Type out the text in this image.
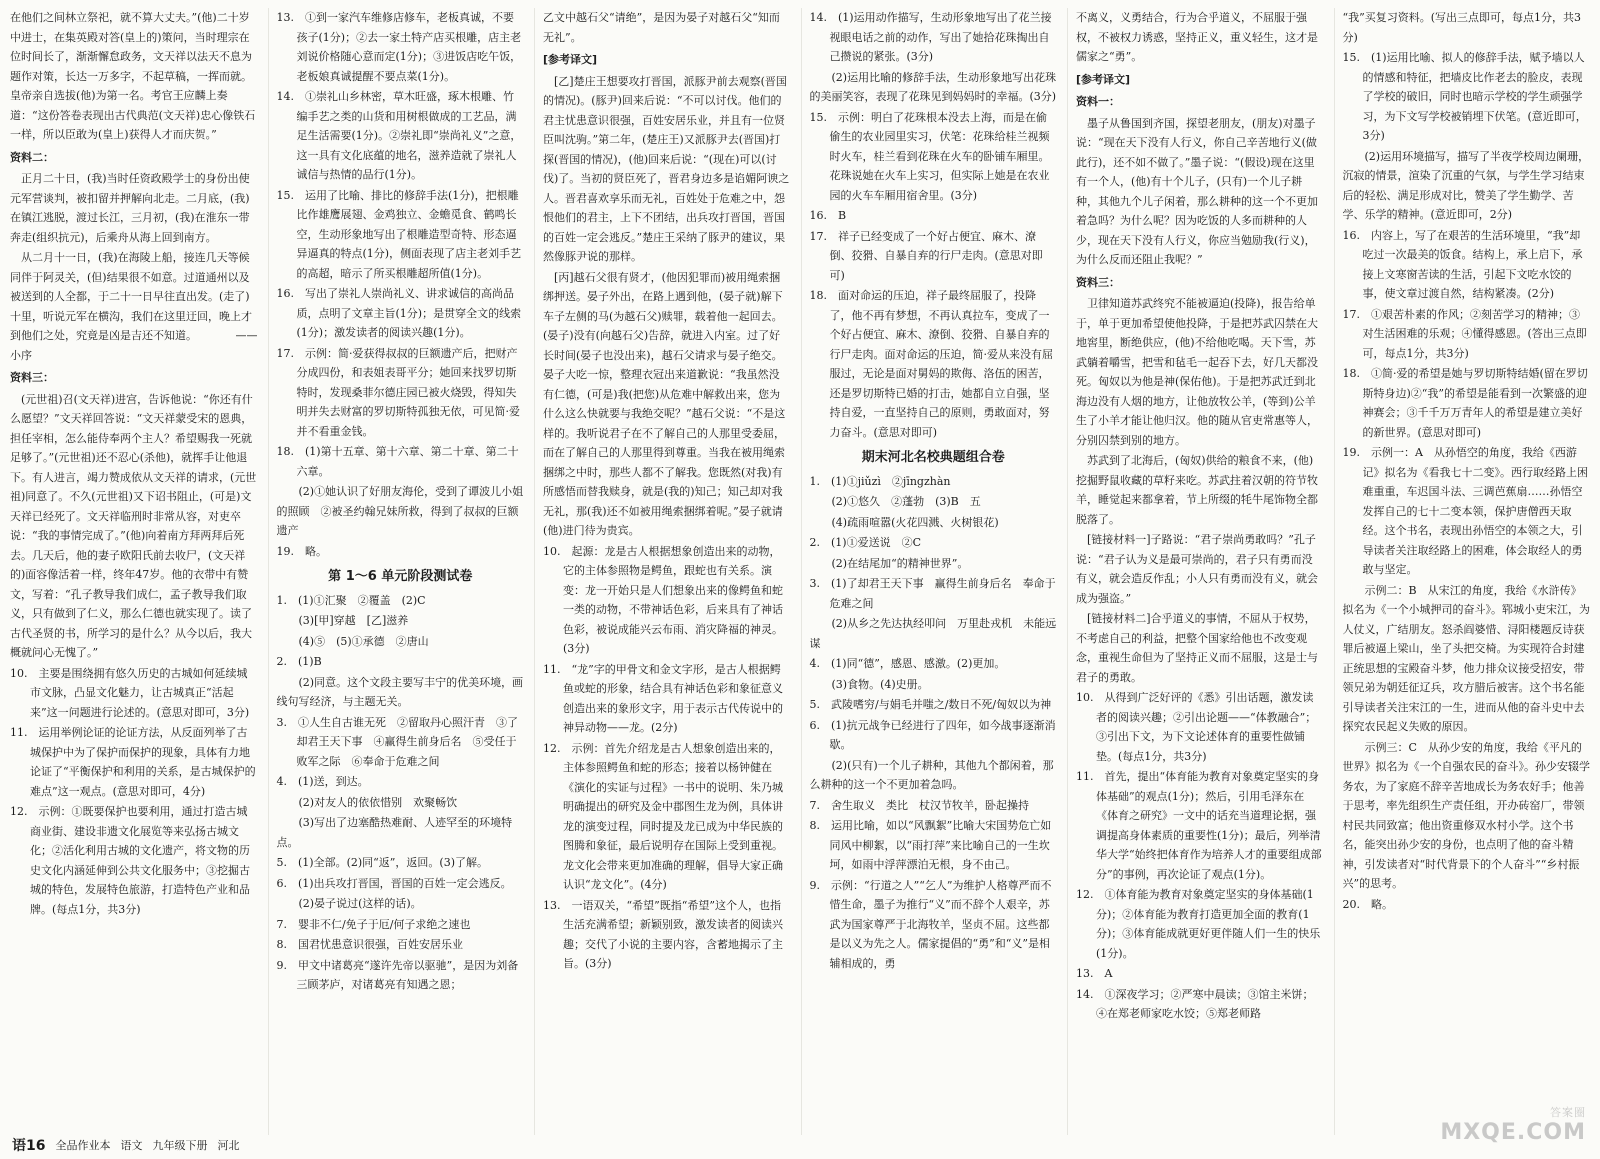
在他们之间林立祭祀，就不算大丈夫。”(他)二十岁中进士，在集英殿对答(皇上的)策问，当时理宗在位时间长了，渐渐懈怠政务，文天祥以法天不息为题作对策，长达一万多字，不起草稿，一挥而就。皇帝亲自选拔(他)为第一名。考官王应麟上奏道：“这份答卷表现出古代典范(文天祥)忠心像铁石一样，所以臣敢为(皇上)获得人才而庆贺。”
资料二：
　正月二十日，(我)当时任资政殿学士的身份出使元军营谈判，被扣留并押解向北走。二月底，(我)在镇江逃脱，渡过长江，三月初，(我)在淮东一带奔走(组织抗元)，后乘舟从海上回到南方。
　从二月十一日，(我)在海陵上船，接连几天等候同伴于阿灵关，(但)结果很不如意。过道通州以及被送到的人全都，于二十一日早往直出发。(走了)十里，听说元军在横沟，我们在这里迂回，晚上才到他们之处，究竟是凶是吉还不知道。　　　　——小序
资料三：
　(元世祖)召(文天祥)进宫，告诉他说：“你还有什么愿望？”文天祥回答说：“文天祥蒙受宋的恩典，担任宰相，怎么能侍奉两个主人？希望赐我一死就足够了。”(元世祖)还不忍心(杀他)，就挥手让他退下。有人进言，竭力赞成依从文天祥的请求，(元世祖)同意了。不久(元世祖)又下诏书阻止，(可是)文天祥已经死了。文天祥临刑时非常从容，对吏卒说：“我的事情完成了。”(他)向着南方拜两拜后死去。几天后，他的妻子欧阳氏前去收尸，(文天祥的)面容像活着一样，终年47岁。他的衣带中有赞文，写着：“孔子教导我们成仁，孟子教导我们取义，只有做到了仁义，那么仁德也就实现了。读了古代圣贤的书，所学习的是什么？从今以后，我大概就问心无愧了。”
10.　主要是围绕拥有悠久历史的古城如何延续城市文脉，凸显文化魅力，让古城真正“活起来”这一问题进行论述的。(意思对即可，3分)
11.　运用举例论证的论证方法，从反面列举了古城保护中为了保护而保护的现象，具体有力地论证了“平衡保护和利用的关系，是古城保护的难点”这一观点。(意思对即可，4分)
12.　示例：①既要保护也要利用，通过打造古城商业街、建设非遗文化展览等来弘扬古城文化；②活化利用古城的文化遗产，将文物的历史文化内涵延伸到公共文化服务中；③挖掘古城的特色，发展特色旅游，打造特色产业和品牌。(每点1分，共3分)
13.　①到一家汽车维修店修车，老板真诚，不要孩子(1分)；②去一家土特产店买根雕，店主老刘说价格随心意而定(1分)；③进饭店吃午饭，老板娘真诚提醒不要点菜(1分)。
14.　①崇礼山乡林密，草木旺盛，琢木根雕、竹编手艺之类的山货和用树根做成的工艺品，满足生活需要(1分)。②崇礼即“崇尚礼义”之意，这一具有文化底蕴的地名，滋养造就了崇礼人诚信与热情的品行(1分)。
15.　运用了比喻、排比的修辞手法(1分)，把根雕比作雄鹰展翅、金鸡独立、金蟾觅食、鹤鸣长空，生动形象地写出了根雕造型奇特、形态逼异逼真的特点(1分)，侧面表现了店主老刘手艺的高超，暗示了所买根雕超所值(1分)。
16.　写出了崇礼人崇尚礼义、讲求诚信的高尚品质，点明了文章主旨(1分)；是贯穿全文的线索(1分)；激发读者的阅读兴趣(1分)。
17.　示例：简·爱获得叔叔的巨额遗产后，把财产分成四份，和表姐表哥平分；她回来找罗切斯特时，发现桑菲尔德庄园已被火烧毁，得知失明并失去财富的罗切斯特孤独无依，可见简·爱并不看重金钱。
18.　(1)第十五章、第十六章、第二十章、第二十六章。
　　(2)①她认识了好朋友海伦，受到了谭波儿小姐的照顾　②被圣约翰兄妹所救，得到了叔叔的巨额遗产
19.　略。
第 1～6 单元阶段测试卷
1.　(1)①汇聚　②覆盖　(2)C
　　(3)[甲]穿越　[乙]滋养
　　(4)⑤　(5)①承德　②唐山
2.　(1)B
　　(2)同意。这个文段主要写丰宁的优美环境，画线句写经济，与主题无关。
3.　①人生自古谁无死　②留取丹心照汗青　③了却君王天下事　④赢得生前身后名　⑤受任于败军之际　⑥奉命于危难之间
4.　(1)送，到达。
　　(2)对友人的依依惜别　欢聚畅饮
　　(3)写出了边塞酷热难耐、人迹罕至的环境特点。
5.　(1)全部。(2)同“返”，返回。(3)了解。
6.　(1)出兵攻打晋国，晋国的百姓一定会逃反。
　　(2)晏子说过(这样的话)。
7.　婴非不仁/免子于厄/何子求绝之速也
8.　国君忧患意识很强，百姓安居乐业
9.　甲文中诸葛亮“遂许先帝以驱驰”，是因为刘备三顾茅庐，对诸葛亮有知遇之恩；
乙文中越石父“请绝”，是因为晏子对越石父“知而无礼”。
[参考译文]
　[乙]楚庄王想要攻打晋国，派豚尹前去观察(晋国的情况)。(豚尹)回来后说：“不可以讨伐。他们的君主忧患意识很强，百姓安居乐业，并且有一位贤臣叫沈驹。”第二年，(楚庄王)又派豚尹去(晋国)打探(晋国的情况)，(他)回来后说：“(现在)可以(讨伐)了。当初的贤臣死了，晋君身边多是谄媚阿谀之人。晋君喜欢享乐而无礼，百姓处于危难之中，怨恨他们的君主，上下不团结，出兵攻打晋国，晋国的百姓一定会逃反。”楚庄王采纳了豚尹的建议，果然像豚尹说的那样。
　[丙]越石父很有贤才，(他因犯罪而)被用绳索捆绑押送。晏子外出，在路上遇到他，(晏子就)解下车子左侧的马(为越石父)赎罪，载着他一起回去。(晏子)没有(向越石父)告辞，就进入内室。过了好长时间(晏子也没出来)，越石父请求与晏子绝交。晏子大吃一惊，整理衣冠出来道歉说：“我虽然没有仁德，(可是)我(把您)从危难中解救出来，您为什么这么快就要与我绝交呢？”越石父说：“不是这样的。我听说君子在不了解自己的人那里受委屈，而在了解自己的人那里得到尊重。当我在被用绳索捆绑之中时，那些人都不了解我。您既然(对我)有所感悟而替我赎身，就是(我的)知己；知己却对我无礼，那(我)还不如被用绳索捆绑着呢。”晏子就请(他)进门待为贵宾。
10.　起源：龙是古人根据想象创造出来的动物，它的主体参照物是鳄鱼，跟蛇也有关系。演变：龙一开始只是人们想象出来的像鳄鱼和蛇一类的动物，不带神话色彩，后来具有了神话色彩，被说成能兴云布雨、消灾降福的神灵。(3分)
11.　“龙”字的甲骨文和金文字形，是古人根据鳄鱼或蛇的形象，结合具有神话色彩和象征意义创造出来的象形文字，用于表示古代传说中的神异动物——龙。(2分)
12.　示例：首先介绍龙是古人想象创造出来的，主体参照鳄鱼和蛇的形态；接着以杨钟健在《演化的实证与过程》一书中的说明、朱乃城明确提出的研究及金中郡图生龙为例，具体讲龙的演变过程，同时提及龙已成为中华民族的图腾和象征，最后说明存在国际上受到重视。龙文化会带来更加准确的理解，倡导大家正确认识“龙文化”。(4分)
13.　一语双关，“希望”既指“希望”这个人，也指生活充满希望；新颖别致，激发读者的阅读兴趣；交代了小说的主要内容，含蓄地揭示了主旨。(3分)
14.　(1)运用动作描写，生动形象地写出了花兰接视眼电话之前的动作，写出了她拾花珠掏出自己攒说的紧张。(3分)
　　(2)运用比喻的修辞手法，生动形象地写出花珠的美丽笑容，表现了花珠见到妈妈时的幸福。(3分)
15.　示例：明白了花珠根本没去上海，而是在偷偷生的农业园里实习，伏笔：花珠给桂兰视频时火车，桂兰看到花珠在火车的卧铺车厢里。花珠说她在火车上实习，但实际上她是在农业园的火车车厢用宿舍里。(3分)
16.　B
17.　祥子已经变成了一个好占便宜、麻木、潦倒、狡猾、自暴自弃的行尸走肉。(意思对即可)
18.　面对命运的压迫，祥子最终屈服了，投降了，他不再有梦想，不再认真拉车，变成了一个好占便宜、麻木、潦倒、狡猾、自暴自弃的行尸走肉。面对命运的压迫，简·爱从来没有屈服过，无论是面对舅妈的欺侮、洛伍的困苦，还是罗切斯特已婚的打击，她都自立自强，坚持自爱，一直坚持自己的原则，勇敢面对，努力奋斗。(意思对即可)
期末河北名校典题组合卷
1.　(1)①jiǔzì　②jīngzhàn
　　(2)①悠久　②蓬勃　(3)B　五
　　(4)疏雨喧嚣(火花四溅、火树银花)
2.　(1)①爱送说　②C
　　(2)在结尾加“的精神世界”。
3.　(1)了却君王天下事　赢得生前身后名　奉命于危难之间
　　(2)从乡之先达执经叩问　万里赴戎机　未能远谋
4.　(1)同“德”，感恩、感激。(2)更加。
　　(3)食物。(4)史册。
5.　武陵嗜穷/与娟毛并嗤之/数日不死/匈奴以为神
6.　(1)抗元战争已经进行了四年，如今战事逐渐消歇。
　　(2)(只有)一个儿子耕种，其他九个都闲着，那么耕种的这一个不更加着急吗。
7.　舍生取义　类比　杖汉节牧羊，卧起操持
8.　运用比喻，如以“风飘絮”比喻大宋国势危亡如同风中柳絮，以“雨打萍”来比喻自己的一生坎坷，如雨中浮萍漂泊无根，身不由己。
9.　示例：“行道之人”“乞人”为维护人格尊严而不惜生命，墨子为推行“义”而不辞个人艰辛，苏武为国家尊严于北海牧羊，坚贞不屈。这些都是以义为先之人。儒家提倡的“勇”和“义”是相辅相成的，勇
不离义，义勇结合，行为合乎道义，不屈服于强权，不被权力诱惑，坚持正义，重义轻生，这才是儒家之“勇”。
[参考译文]
资料一：
　墨子从鲁国到齐国，探望老朋友，(朋友)对墨子说：“现在天下没有人行义，你自己辛苦地行义(做此行)，还不如不做了。”墨子说：“(假设)现在这里有一个人，(他)有十个儿子，(只有)一个儿子耕种，其他九个儿子闲着，那么耕种的这一个不更加着急吗？为什么呢？因为吃饭的人多而耕种的人少，现在天下没有人行义，你应当勉励我(行义)，为什么反而还阻止我呢？”
资料三：
　卫律知道苏武终究不能被逼迫(投降)，报告给单于，单于更加希望使他投降，于是把苏武囚禁在大地窖里，断绝供应，(他)不给他吃喝。天下雪，苏武躺着嚼雪，把雪和毡毛一起吞下去，好几天都没死。匈奴以为他是神(保佑他)。于是把苏武迁到北海边没有人烟的地方，让他放牧公羊，(等到)公羊生了小羊才能让他归汉。他的随从官吏常惠等人，分别囚禁到别的地方。
　苏武到了北海后，(匈奴)供给的粮食不来，(他)挖掘野鼠收藏的草籽来吃。苏武拄着汉朝的符节牧羊，睡觉起来都拿着，节上所缀的牦牛尾饰物全都脱落了。
　[链接材料一]子路说：“君子崇尚勇敢吗？”孔子说：“君子认为义是最可崇尚的，君子只有勇而没有义，就会造反作乱；小人只有勇而没有义，就会成为强盗。”
　[链接材料二]合乎道义的事情，不屈从于权势，不考虑自己的利益，把整个国家给他也不改变观念，重视生命但为了坚持正义而不屈服，这是士与君子的勇敢。
10.　从得到广泛好评的《悉》引出话题，激发读者的阅读兴趣；②引出论题——“体教融合”；③引出下文，为下文论述体育的重要性做铺垫。(每点1分，共3分)
11.　首先，提出“体育能为教育对象奠定坚实的身体基础”的观点(1分)；然后，引用毛泽东在《体育之研究》一文中的话充当道理论据，强调提高身体素质的重要性(1分)；最后，列举清华大学“始终把体育作为培养人才的重要组成部分”的事例，再次论证了观点(1分)。
12.　①体育能为教育对象奠定坚实的身体基础(1分)；②体育能为教育打造更加全面的教育(1分)；③体育能成就更好更伴随人们一生的快乐(1分)。
13.　A
14.　①深夜学习；②严寒中晨读；③馆主米饼；④在郑老师家吃水饺；⑤郑老师路
“我”买复习资料。(写出三点即可，每点1分，共3分)
15.　(1)运用比喻、拟人的修辞手法，赋予墙以人的情感和特征，把墙皮比作老去的脸皮，表现了学校的破旧，同时也暗示学校的学生顽强学习，为下文写学校被销埋下伏笔。(意近即可，3分)
　　(2)运用环境描写，描写了半夜学校周边阑珊，沉寂的情景，渲染了沉重的气氛，与学生学习结束后的轻松、满足形成对比，赞美了学生勤学、苦学、乐学的精神。(意近即可，2分)
16.　内容上，写了在艰苦的生活环境里，“我”却吃过一次最美的饭食。结构上，承上启下，承接上文寒窗苦读的生活，引起下文吃水饺的事，使文章过渡自然，结构紧凑。(2分)
17.　①艰苦朴素的作风；②刻苦学习的精神；③对生活困难的乐观；④懂得感恩。(答出三点即可，每点1分，共3分)
18.　①简·爱的希望是她与罗切斯特结婚(留在罗切斯特身边)②“我”的希望是能看到一次繁盛的迎神赛会；③千千万万青年人的希望是建立美好的新世界。(意思对即可)
19.　示例一：A　从孙悟空的角度，我给《西游记》拟名为《看我七十二变》。西行取经路上困难重重，车迟国斗法、三调芭蕉扇……孙悟空发挥自己的七十二变本领，保护唐僧西天取经。这个书名，表现出孙悟空的本领之大，引导读者关注取经路上的困难，体会取经人的勇敢与坚定。
　　示例二：B　从宋江的角度，我给《水浒传》拟名为《一个小城押司的奋斗》。郓城小吏宋江，为人仗义，广结朋友。怒杀阎婆惜、浔阳楼题反诗获罪后被逼上梁山，坐了头把交椅。为实现符合封建正统思想的宝殿奋斗梦，他力排众议接受招安，带领兄弟为朝廷征辽兵，攻方腊后被害。这个书名能引导读者关注宋江的一生，进而从他的奋斗史中去探究农民起义失败的原因。
　　示例三：C　从孙少安的角度，我给《平凡的世界》拟名为《一个自强农民的奋斗》。孙少安辍学务农，为了家庭不辞辛苦地成长为务农好手；他善于思考，率先组织生产责任组，开办砖窑厂，带领村民共同致富；他出资重修双水村小学。这个书名，能突出孙少安的身份，也点明了他的奋斗精神，引发读者对“时代背景下的个人奋斗”“乡村振兴”的思考。
20.　略。
语16 全品作业本 语文 九年级下册 河北
答案圈
MXQE.COM
